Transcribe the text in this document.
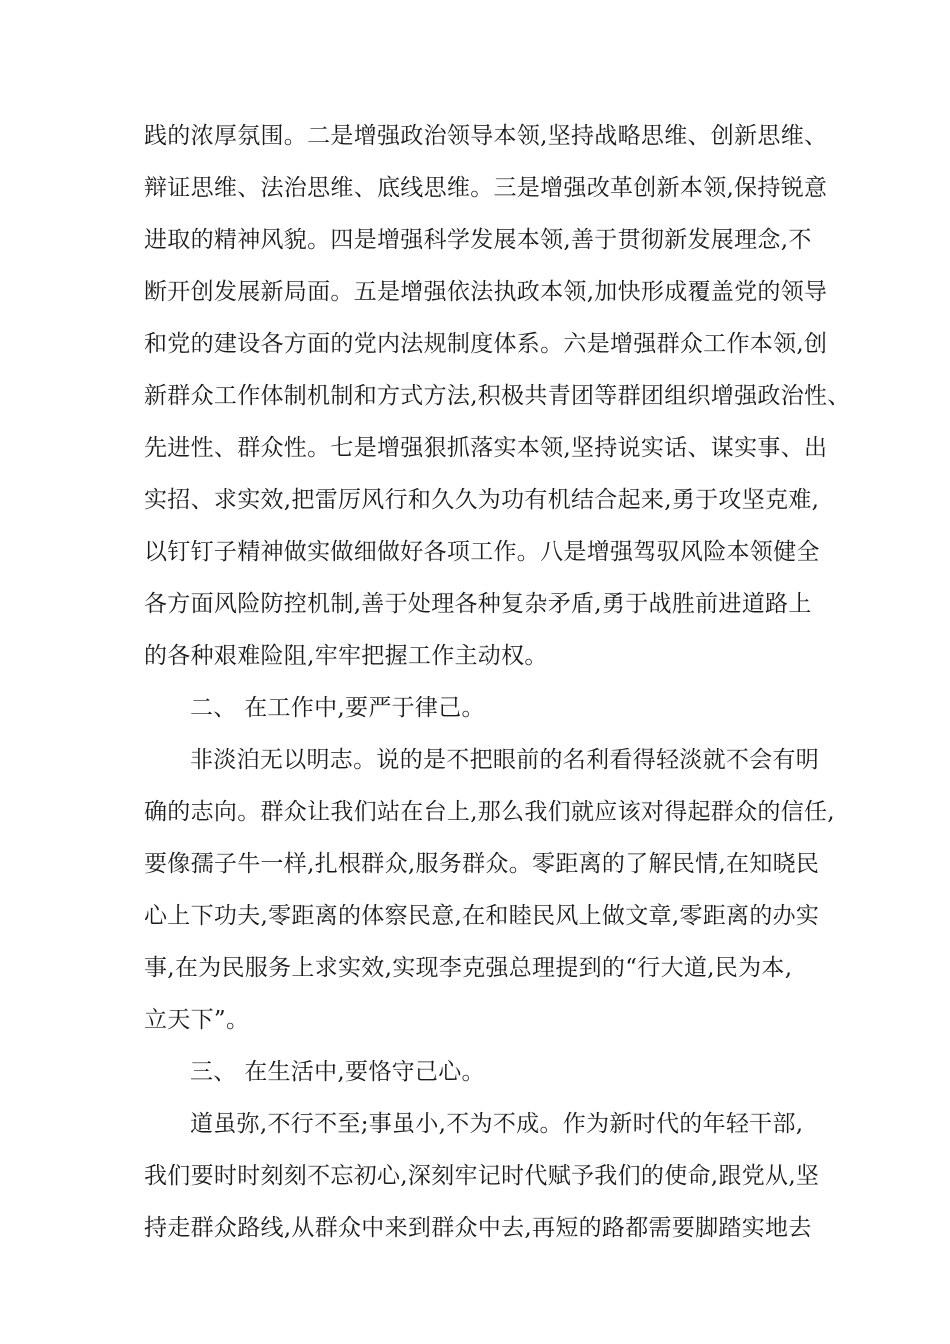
践的浓厚氛围。二是增强政治领导本领,坚持战略思维、创新思维、
辩证思维、法治思维、底线思维。三是增强改革创新本领,保持锐意
进取的精神风貌。四是增强科学发展本领,善于贯彻新发展理念,不
断开创发展新局面。五是增强依法执政本领,加快形成覆盖党的领导
和党的建设各方面的党内法规制度体系。六是增强群众工作本领,创
新群众工作体制机制和方式方法,积极共青团等群团组织增强政治性、
先进性、群众性。七是增强狠抓落实本领,坚持说实话、谋实事、出
实招、求实效,把雷厉风行和久久为功有机结合起来,勇于攻坚克难,
以钉钉子精神做实做细做好各项工作。八是增强驾驭风险本领健全
各方面风险防控机制,善于处理各种复杂矛盾,勇于战胜前进道路上
的各种艰难险阻,牢牢把握工作主动权。
二、 在工作中,要严于律己。
非淡泊无以明志。说的是不把眼前的名利看得轻淡就不会有明
确的志向。群众让我们站在台上,那么我们就应该对得起群众的信任,
要像孺子牛一样,扎根群众,服务群众。零距离的了解民情,在知晓民
心上下功夫,零距离的体察民意,在和睦民风上做文章,零距离的办实
事,在为民服务上求实效,实现李克强总理提到的“行大道,民为本,
立天下”。
三、 在生活中,要恪守己心。
道虽弥,不行不至;事虽小,不为不成。作为新时代的年轻干部,
我们要时时刻刻不忘初心,深刻牢记时代赋予我们的使命,跟党从,坚
持走群众路线,从群众中来到群众中去,再短的路都需要脚踏实地去
